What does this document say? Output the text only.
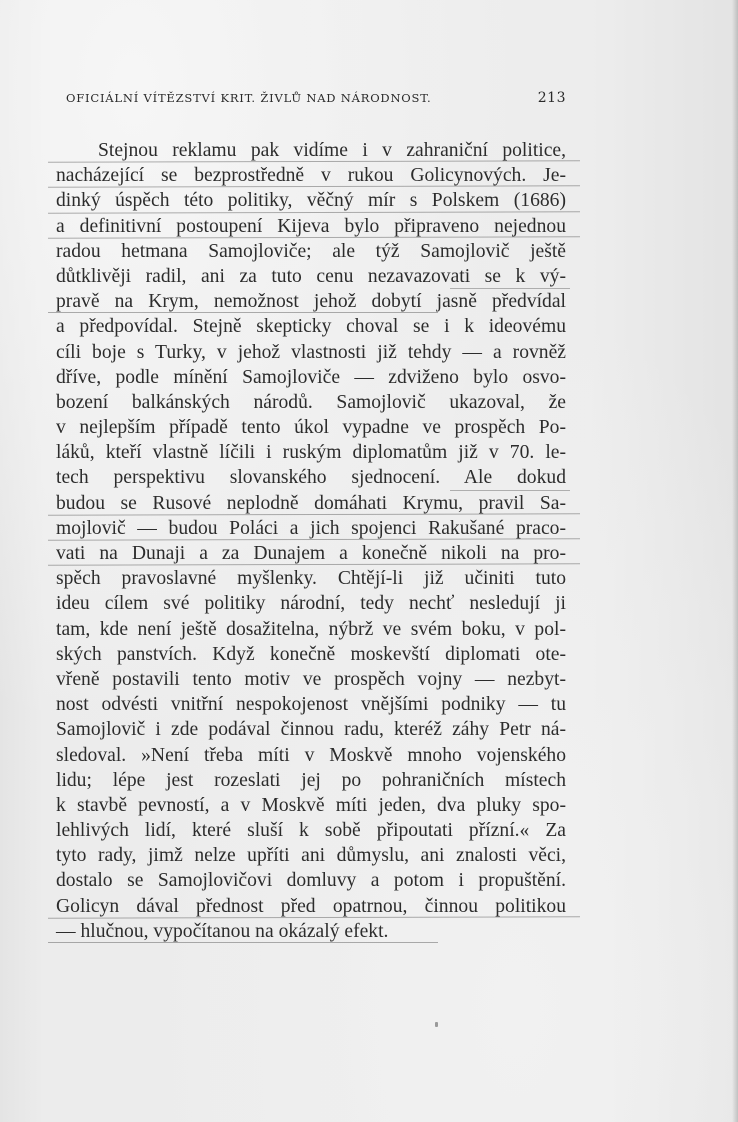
OFICIÁLNÍ VÍTĚZSTVÍ KRIT. ŽIVLŮ NAD NÁRODNOST.	213
Stejnou reklamu pak vidíme i v zahraniční politice,
nacházející se bezprostředně v rukou Golicynových. Je-
dinký úspěch této politiky, věčný mír s Polskem (1686)
a definitivní postoupení Kijeva bylo připraveno nejednou
radou hetmana Samojloviče; ale týž Samojlovič ještě
důtklivěji radil, ani za tuto cenu nezavazovati se k vý-
pravě na Krym, nemožnost jehož dobytí jasně předvídal
a předpovídal. Stejně skepticky choval se i k ideovému
cíli boje s Turky, v jehož vlastnosti již tehdy — a rovněž
dříve, podle mínění Samojloviče — zdviženo bylo osvo-
bození balkánských národů. Samojlovič ukazoval, že
v nejlepším případě tento úkol vypadne ve prospěch Po-
láků, kteří vlastně líčili i ruským diplomatům již v 70. le-
tech perspektivu slovanského sjednocení. Ale dokud
budou se Rusové neplodně domáhati Krymu, pravil Sa-
mojlovič — budou Poláci a jich spojenci Rakušané praco-
vati na Dunaji a za Dunajem a konečně nikoli na pro-
spěch pravoslavné myšlenky. Chtějí-li již učiniti tuto
ideu cílem své politiky národní, tedy nechť nesledují ji
tam, kde není ještě dosažitelna, nýbrž ve svém boku, v pol-
ských panstvích. Když konečně moskevští diplomati ote-
vřeně postavili tento motiv ve prospěch vojny — nezbyt-
nost odvésti vnitřní nespokojenost vnějšími podniky — tu
Samojlovič i zde podával činnou radu, kteréž záhy Petr ná-
sledoval. »Není třeba míti v Moskvě mnoho vojenského
lidu; lépe jest rozeslati jej po pohraničních místech
k stavbě pevností, a v Moskvě míti jeden, dva pluky spo-
lehlivých lidí, které sluší k sobě připoutati přízní.« Za
tyto rady, jimž nelze upříti ani důmyslu, ani znalosti věci,
dostalo se Samojlovičovi domluvy a potom i propuštění.
Golicyn dával přednost před opatrnou, činnou politikou
— hlučnou, vypočítanou na okázalý efekt.
